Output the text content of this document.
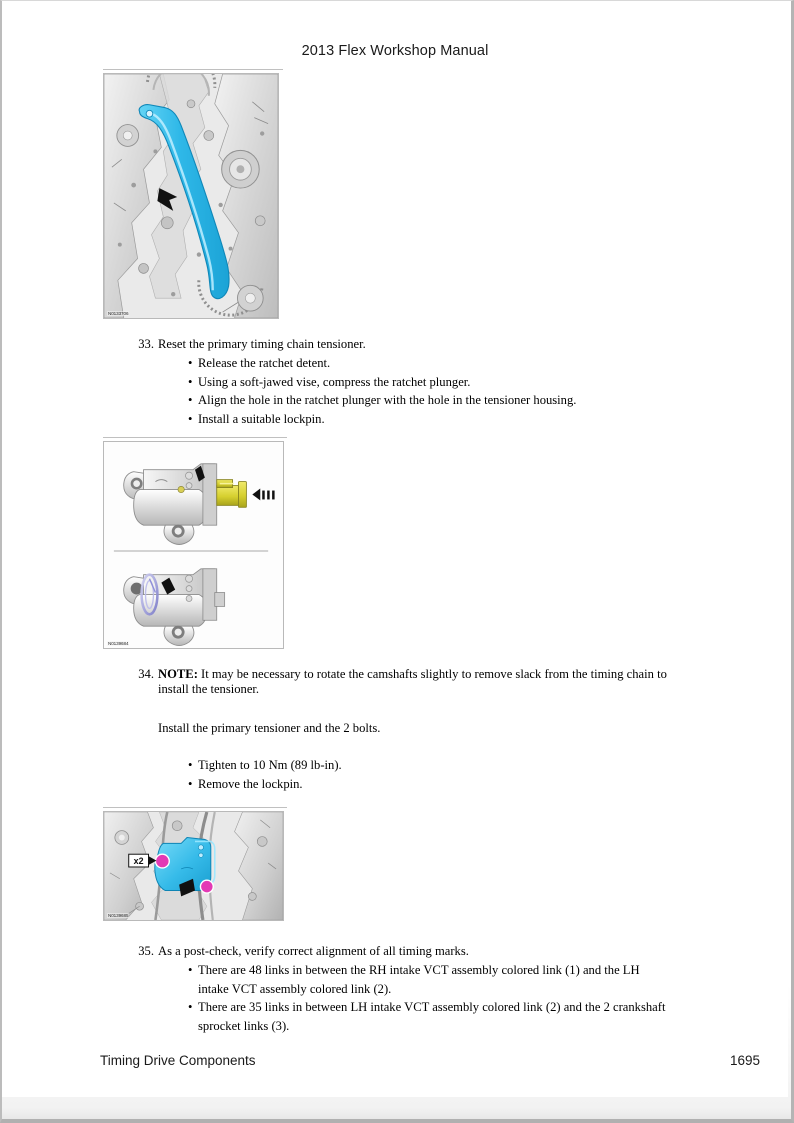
2013 Flex Workshop Manual
N0133706
33. Reset the primary timing chain tensioner.
• Release the ratchet detent.
• Using a soft-jawed vise, compress the ratchet plunger.
• Align the hole in the ratchet plunger with the hole in the tensioner housing.
• Install a suitable lockpin.
N0139684
34. NOTE: It may be necessary to rotate the camshafts slightly to remove slack from the timing chain to
install the tensioner.
Install the primary tensioner and the 2 bolts.
• Tighten to 10 Nm (89 lb-in).
• Remove the lockpin.
x2
N0139685
35. As a post-check, verify correct alignment of all timing marks.
• There are 48 links in between the RH intake VCT assembly colored link (1) and the LH
intake VCT assembly colored link (2).
• There are 35 links in between LH intake VCT assembly colored link (2) and the 2 crankshaft
sprocket links (3).
Timing Drive Components	1695
